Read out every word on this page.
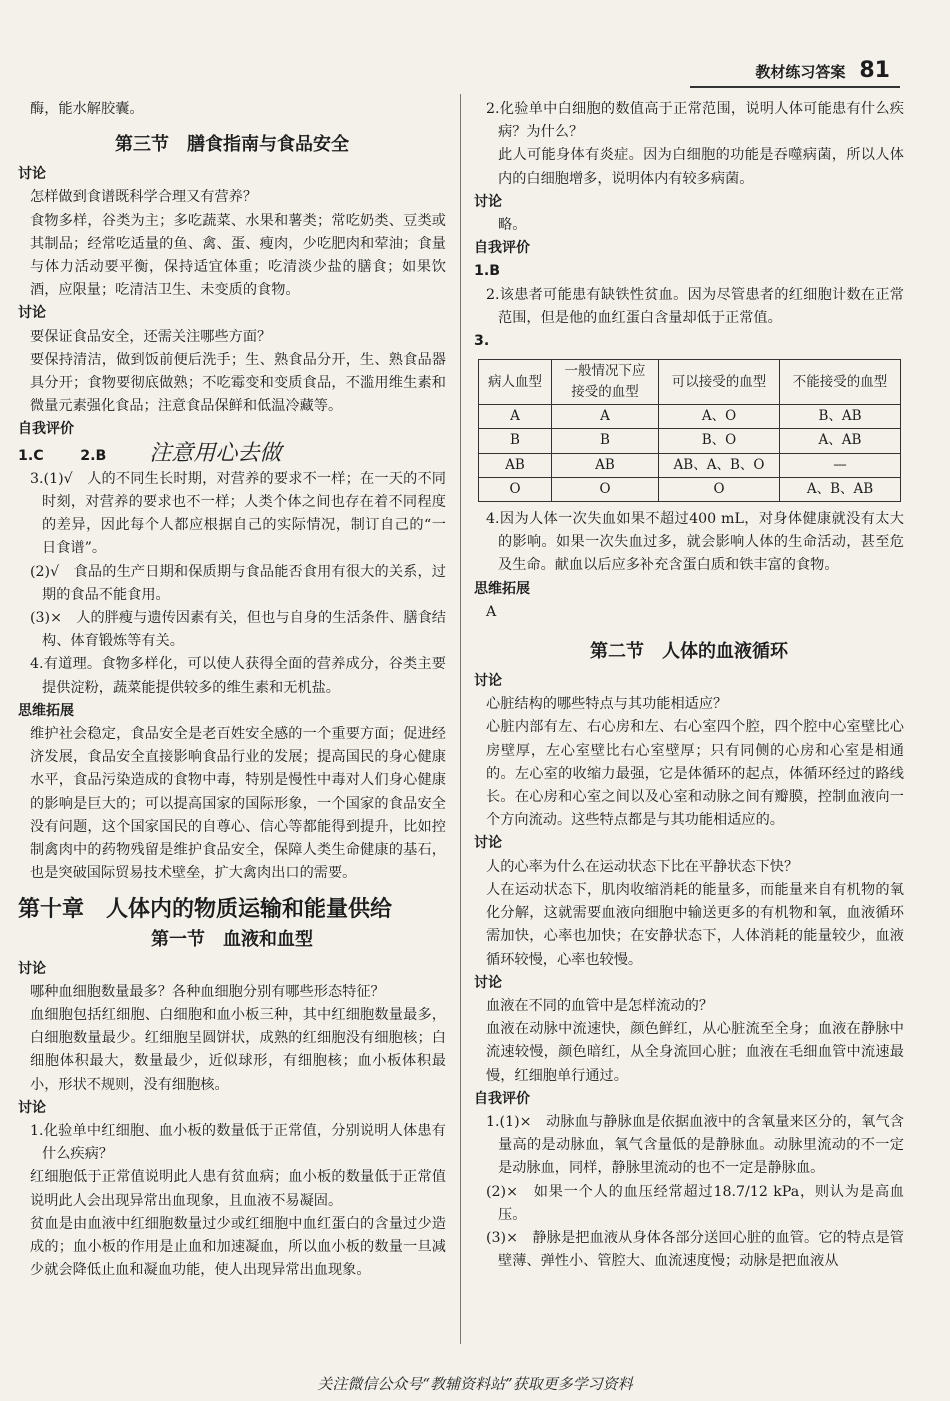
教材练习答案 81

酶，能水解胶囊。

第三节　膳食指南与食品安全
讨论

怎样做到食谱既科学合理又有营养？

食物多样，谷类为主；多吃蔬菜、水果和薯类；常吃奶类、豆类或其制品；经常吃适量的鱼、禽、蛋、瘦肉，少吃肥肉和荤油；食量与体力活动要平衡，保持适宜体重；吃清淡少盐的膳食；如果饮酒，应限量；吃清洁卫生、未变质的食物。

讨论

要保证食品安全，还需关注哪些方面？

要保持清洁，做到饭前便后洗手；生、熟食品分开，生、熟食品器具分开；食物要彻底做熟；不吃霉变和变质食品，不滥用维生素和微量元素强化食品；注意食品保鲜和低温冷藏等。

自我评价

1.C	2.B 注意用心去做

3.(1)√　人的不同生长时期，对营养的要求不一样；在一天的不同时刻，对营养的要求也不一样；人类个体之间也存在着不同程度的差异，因此每个人都应根据自己的实际情况，制订自己的“一日食谱”。

(2)√　食品的生产日期和保质期与食品能否食用有很大的关系，过期的食品不能食用。

(3)×　人的胖瘦与遗传因素有关，但也与自身的生活条件、膳食结构、体育锻炼等有关。

4.有道理。食物多样化，可以使人获得全面的营养成分，谷类主要提供淀粉，蔬菜能提供较多的维生素和无机盐。

思维拓展

维护社会稳定，食品安全是老百姓安全感的一个重要方面；促进经济发展，食品安全直接影响食品行业的发展；提高国民的身心健康水平，食品污染造成的食物中毒，特别是慢性中毒对人们身心健康的影响是巨大的；可以提高国家的国际形象，一个国家的食品安全没有问题，这个国家国民的自尊心、信心等都能得到提升，比如控制禽肉中的药物残留是维护食品安全，保障人类生命健康的基石，也是突破国际贸易技术壁垒，扩大禽肉出口的需要。

第十章　人体内的物质运输和能量供给
第一节　血液和血型
讨论

哪种血细胞数量最多？各种血细胞分别有哪些形态特征？

血细胞包括红细胞、白细胞和血小板三种，其中红细胞数量最多，白细胞数量最少。红细胞呈圆饼状，成熟的红细胞没有细胞核；白细胞体积最大，数量最少，近似球形，有细胞核；血小板体积最小，形状不规则，没有细胞核。

讨论

1.化验单中红细胞、血小板的数量低于正常值，分别说明人体患有什么疾病？

红细胞低于正常值说明此人患有贫血病；血小板的数量低于正常值说明此人会出现异常出血现象，且血液不易凝固。

贫血是由血液中红细胞数量过少或红细胞中血红蛋白的含量过少造成的；血小板的作用是止血和加速凝血，所以血小板的数量一旦减少就会降低止血和凝血功能，使人出现异常出血现象。

2.化验单中白细胞的数值高于正常范围，说明人体可能患有什么疾病？为什么？

此人可能身体有炎症。因为白细胞的功能是吞噬病菌，所以人体内的白细胞增多，说明体内有较多病菌。

讨论

略。

自我评价

1.B

2.该患者可能患有缺铁性贫血。因为尽管患者的红细胞计数在正常范围，但是他的血红蛋白含量却低于正常值。

3.

病人血型	一般情况下应接受的血型	可以接受的血型	不能接受的血型
A	A	A、O	B、AB
B	B	B、O	A、AB
AB	AB	AB、A、B、O	—
O	O	O	A、B、AB

4.因为人体一次失血如果不超过400 mL，对身体健康就没有太大的影响。如果一次失血过多，就会影响人体的生命活动，甚至危及生命。献血以后应多补充含蛋白质和铁丰富的食物。

思维拓展

A

第二节　人体的血液循环
讨论

心脏结构的哪些特点与其功能相适应？

心脏内部有左、右心房和左、右心室四个腔，四个腔中心室壁比心房壁厚，左心室壁比右心室壁厚；只有同侧的心房和心室是相通的。左心室的收缩力最强，它是体循环的起点，体循环经过的路线长。在心房和心室之间以及心室和动脉之间有瓣膜，控制血液向一个方向流动。这些特点都是与其功能相适应的。

讨论

人的心率为什么在运动状态下比在平静状态下快？

人在运动状态下，肌肉收缩消耗的能量多，而能量来自有机物的氧化分解，这就需要血液向细胞中输送更多的有机物和氧，血液循环需加快，心率也加快；在安静状态下，人体消耗的能量较少，血液循环较慢，心率也较慢。

讨论

血液在不同的血管中是怎样流动的？

血液在动脉中流速快，颜色鲜红，从心脏流至全身；血液在静脉中流速较慢，颜色暗红，从全身流回心脏；血液在毛细血管中流速最慢，红细胞单行通过。

自我评价

1.(1)×　动脉血与静脉血是依据血液中的含氧量来区分的，氧气含量高的是动脉血，氧气含量低的是静脉血。动脉里流动的不一定是动脉血，同样，静脉里流动的也不一定是静脉血。

(2)×　如果一个人的血压经常超过18.7/12 kPa，则认为是高血压。

(3)×　静脉是把血液从身体各部分送回心脏的血管。它的特点是管壁薄、弹性小、管腔大、血流速度慢；动脉是把血液从

关注微信公众号“教辅资料站”获取更多学习资料
